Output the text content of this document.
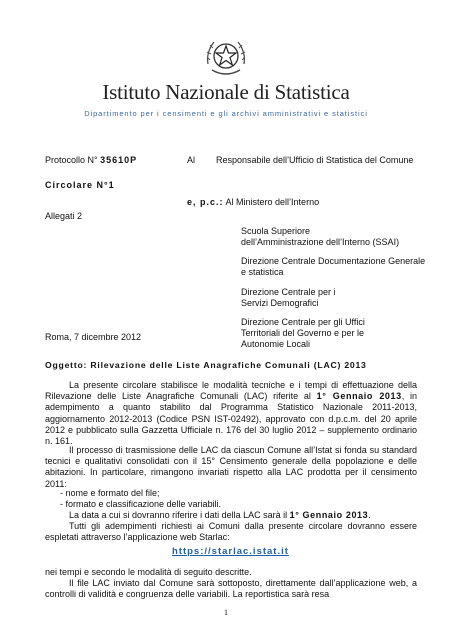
Istituto Nazionale di Statistica
Dipartimento per i censimenti e gli archivi amministrativi e statistici
Protocollo N° 35610P	Al Responsabile dell’Ufficio di Statistica del Comune
Circolare N°1
e, p.c.: Al Ministero dell’Interno
Allegati 2
Scuola Superiore
dell’Amministrazione dell’Interno (SSAI)
Direzione Centrale Documentazione Generale
e statistica
Direzione Centrale per i
Servizi Demografici
Direzione Centrale per gli Uffici
Territoriali del Governo e per le
Autonomie Locali
Roma, 7 dicembre 2012
Oggetto: Rilevazione delle Liste Anagrafiche Comunali (LAC) 2013
La presente circolare stabilisce le modalità tecniche e i tempi di effettuazione della Rilevazione delle Liste Anagrafiche Comunali (LAC) riferite al 1° Gennaio 2013, in adempimento a quanto stabilito dal Programma Statistico Nazionale 2011-2013, aggiornamento 2012-2013 (Codice PSN IST-02492), approvato con d.p.c.m. del 20 aprile 2012 e pubblicato sulla Gazzetta Ufficiale n. 176 del 30 luglio 2012 – supplemento ordinario n. 161.
Il processo di trasmissione delle LAC da ciascun Comune all’Istat si fonda su standard tecnici e qualitativi consolidati con il 15° Censimento generale della popolazione e delle abitazioni. In particolare, rimangono invariati rispetto alla LAC prodotta per il censimento 2011:
- nome e formato del file;
- formato e classificazione delle variabili.
La data a cui si dovranno riferire i dati della LAC sarà il 1° Gennaio 2013.
Tutti gli adempimenti richiesti ai Comuni dalla presente circolare dovranno essere espletati attraverso l’applicazione web Starlac:
https://starlac.istat.it
nei tempi e secondo le modalità di seguito descritte.
Il file LAC inviato dal Comune sarà sottoposto, direttamente dall’applicazione web, a controlli di validità e congruenza delle variabili. La reportistica sarà resa
1
